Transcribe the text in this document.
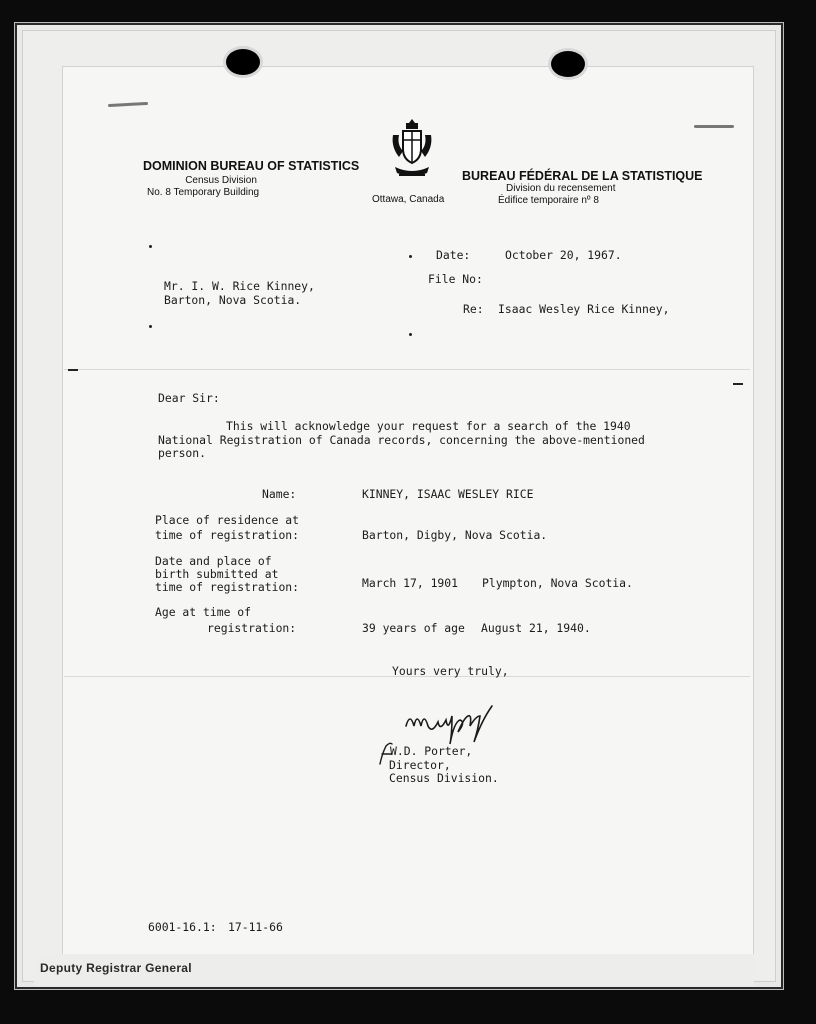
DOMINION BUREAU OF STATISTICS
Census Division
No. 8 Temporary Building
Ottawa, Canada
BUREAU FÉDÉRAL DE LA STATISTIQUE
Division du recensement
Édifice temporaire nº 8
Date:	October 20, 1967.
File No:
Re: Isaac Wesley Rice Kinney,
Mr. I. W. Rice Kinney,
Barton, Nova Scotia.
Dear Sir:
This will acknowledge your request for a search of the 1940
National Registration of Canada records, concerning the above-mentioned
person.
Name:	KINNEY, ISAAC WESLEY RICE
Place of residence at
time of registration:	Barton, Digby, Nova Scotia.
Date and place of
birth submitted at
time of registration:	March 17, 1901 Plympton, Nova Scotia.
Age at time of
registration:	39 years of age August 21, 1940.
Yours very truly,
W.D. Porter,
Director,
Census Division.
6001-16.1: 17-11-66
Deputy Registrar General
